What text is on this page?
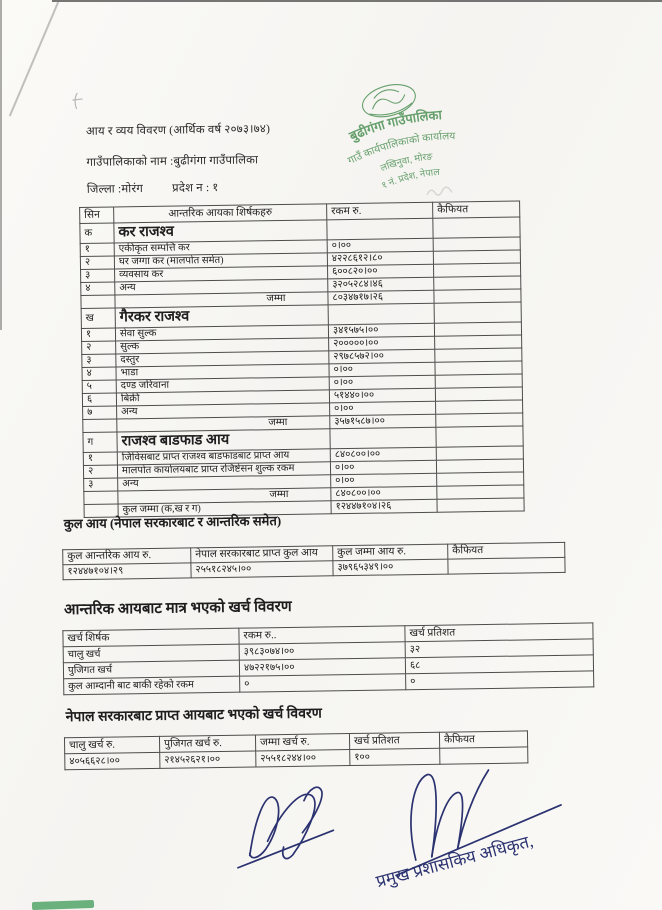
आय र व्यय विवरण (आर्थिक वर्ष २०७३।७४)
गाउँपालिकाको नाम :बुढीगंगा गाउँपालिका
जिल्ला :मोरंग	प्रदेश न : १
बुढीगंगा गाउँपालिका
गाउँ कार्यपालिकाको कार्यालय
लखिनुवा, मोरङ
१ नं. प्रदेश, नेपाल
सिन	आन्तरिक आयका शिर्षकहरु	रकम रु.	कैफियत
क	कर राजश्व		
१	एकीकृत सम्पत्ति कर	०।००	
२	घर जग्गा कर (मालपोत समेत)	४२२८६१२।८०	
३	व्यवसाय कर	६००८२०।००	
४	अन्य	३२०५२८४।४६	
	जम्मा	८०३४७१७।२६	
ख	गैरकर राजश्व		
१	सेवा सुल्क	३४१५७५।००	
२	सुल्क	२०००००।००	
३	दस्तुर	२९७८५७२।००	
४	भाडा	०।००	
५	दण्ड जरिवाना	०।००	
६	बिक्री	५१४४०।००	
७	अन्य	०।००	
	जम्मा	३५७१५८७।००	
ग	राजश्व बाडफाड आय		
१	जिविसबाट प्राप्त राजश्व बाडफाडबाट प्राप्त आय	८४०८००।००	
२	मालपोत कार्यालयबाट प्राप्त रजिष्टेसन शुल्क रकम	०।००	
३	अन्य	०।००	
	जम्मा	८४०८००।००	
	कुल जम्मा (क,ख र ग)	१२४४७१०४।२६	
कुल आय (नेपाल सरकारबाट र आन्तरिक समेत)
कुल आन्तरिक आय रु.	नेपाल सरकारबाट प्राप्त कुल आय	कुल जम्मा आय रु.	कैफियत
१२४४७१०४।२९	२५५१८२४५।००	३७९६५३४९।००	
आन्तरिक आयबाट मात्र भएको खर्च विवरण
खर्च शिर्षक	रकम रु..	खर्च प्रतिशत
चालु खर्च	३९८३०७४।००	३२
पुजिगत खर्च	४७२२१७५।००	६८
कुल आम्दानी बाट बाकी रहेको रकम	०	०
नेपाल सरकारबाट प्राप्त आयबाट भएको खर्च विवरण
चालु खर्च रु.	पुजिगत खर्च रु.	जम्मा खर्च रु.	खर्च प्रतिशत	कैफियत
४०५६६२८।००	२१४५२६२१।००	२५५१८२४४।००	१००	
प्रमुख प्रशासकिय अधिकृत,
